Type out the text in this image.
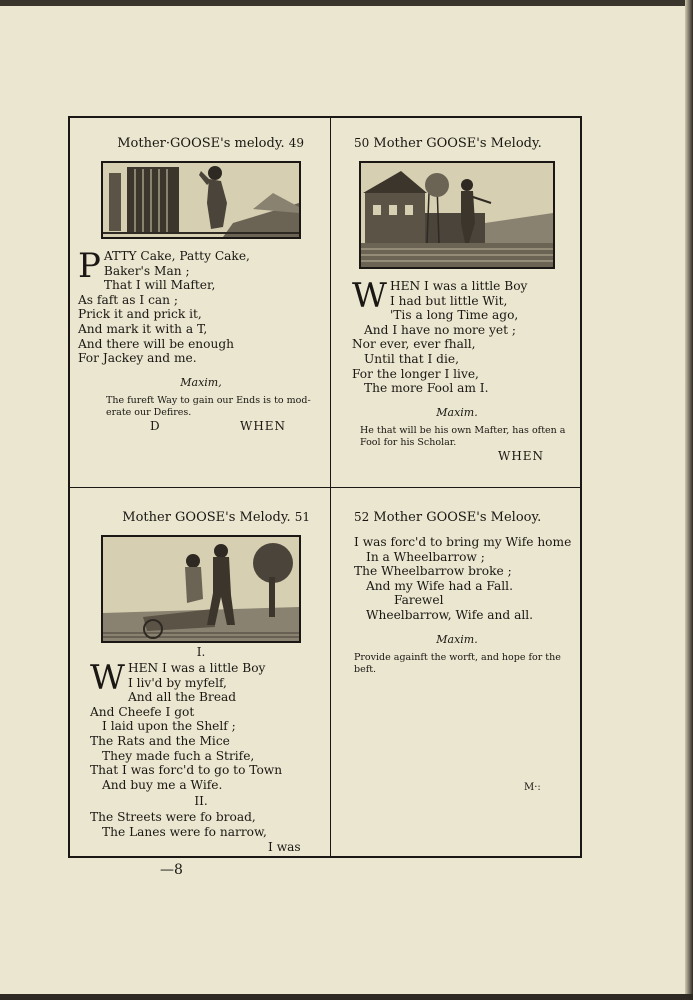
Mother·GOOSE's melody. 49
P ATTY Cake, Patty Cake,
Baker's Man ;
That I will Mafter,
As faft as I can ;
Prick it and prick it,
And mark it with a T,
And there will be enough
For Jackey and me.
Maxim,
The fureft Way to gain our Ends is to mod-
erate our Defires.
D	WHEN
50 Mother GOOSE's Melody.
W HEN I was a little Boy
I had but little Wit,
'Tis a long Time ago,
And I have no more yet ;
Nor ever, ever fhall,
Until that I die,
For the longer I live,
The more Fool am I.
Maxim.
He that will be his own Mafter, has often a
Fool for his Scholar.
WHEN
Mother GOOSE's Melody. 51
I.
W HEN I was a little Boy
I liv'd by myfelf,
And all the Bread
And Cheefe I got
I laid upon the Shelf ;
The Rats and the Mice
They made fuch a Strife,
That I was forc'd to go to Town
And buy me a Wife.
II.
The Streets were fo broad,
The Lanes were fo narrow,
I was
52 Mother GOOSE's Melooy.
I was forc'd to bring my Wife home
In a Wheelbarrow ;
The Wheelbarrow broke ;
And my Wife had a Fall.
Farewel
Wheelbarrow, Wife and all.
Maxim.
Provide againft the worft, and hope for the
beft.
M·:
—8
